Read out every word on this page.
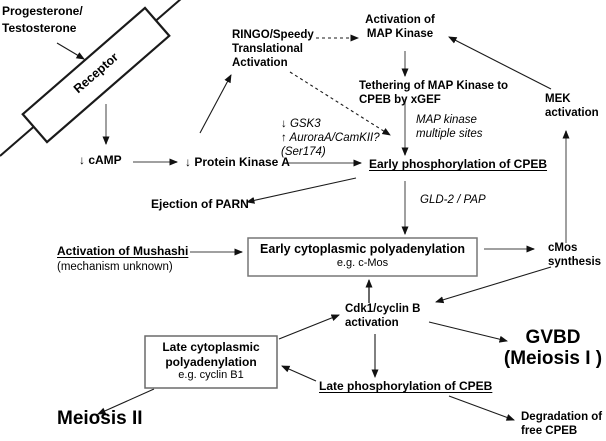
Progesterone/
Testosterone
Receptor
↓ cAMP	↓ Protein Kinase A
RINGO/Speedy
Translational
Activation
Activation of
MAP Kinase
Tethering of MAP Kinase to
CPEB by xGEF	MEK
activation
↓ GSK3
↑ AuroraA/CamKII?
(Ser174)
MAP kinase
multiple sites
Early phosphorylation of CPEB
Ejection of PARN	GLD-2 / PAP
Activation of Mushashi
(mechanism unknown)
Early cytoplasmic polyadenylation
e.g. c-Mos
cMos
synthesis
Cdk1/cyclin B
activation
GVBD
(Meiosis I )
Late cytoplasmic
polyadenylation
e.g. cyclin B1
Late phosphorylation of CPEB
Meiosis II	Degradation of
free CPEB
